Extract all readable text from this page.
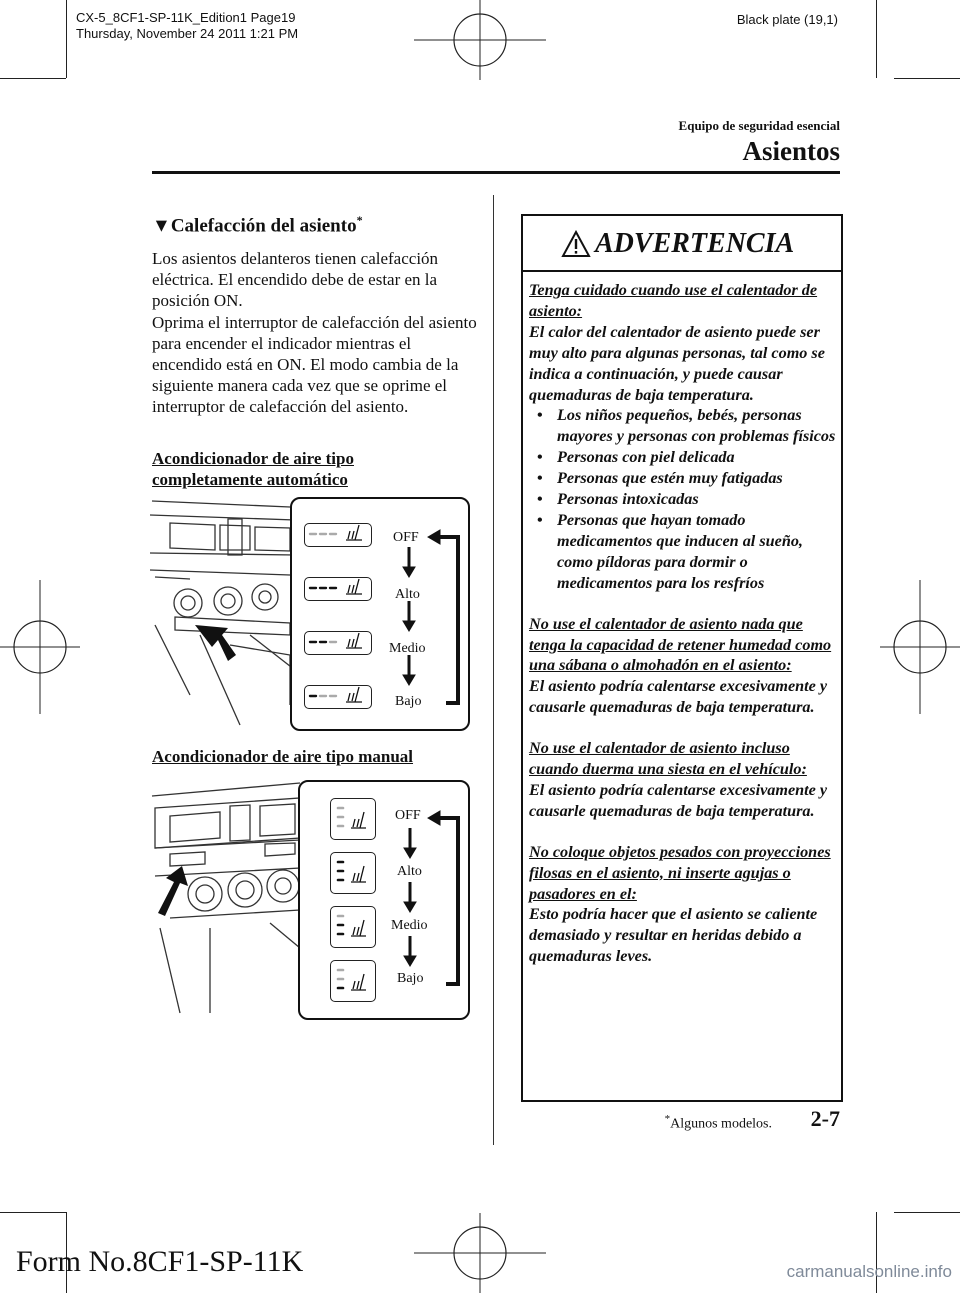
CX-5_8CF1-SP-11K_Edition1 Page19
Thursday, November 24 2011 1:21 PM
Black plate (19,1)
Equipo de seguridad esencial
Asientos
▼Calefacción del asiento*

Los asientos delanteros tienen calefacción eléctrica. El encendido debe de estar en la posición ON.

Oprima el interruptor de calefacción del asiento para encender el indicador mientras el encendido está en ON. El modo cambia de la siguiente manera cada vez que se oprime el interruptor de calefacción del asiento.

Acondicionador de aire tipo
completamente automático
OFF
Alto
Medio
Bajo
Acondicionador de aire tipo manual
OFF
Alto
Medio
Bajo
ADVERTENCIA

Tenga cuidado cuando use el calentador de asiento:

El calor del calentador de asiento puede ser muy alto para algunas personas, tal como se indica a continuación, y puede causar quemaduras de baja temperatura.

• Los niños pequeños, bebés, personas mayores y personas con problemas físicos
• Personas con piel delicada
• Personas que estén muy fatigadas
• Personas intoxicadas
• Personas que hayan tomado medicamentos que inducen al sueño, como píldoras para dormir o medicamentos para los resfríos

No use el calentador de asiento nada que tenga la capacidad de retener humedad como una sábana o almohadón en el asiento:

El asiento podría calentarse excesivamente y causarle quemaduras de baja temperatura.

No use el calentador de asiento incluso cuando duerma una siesta en el vehículo:

El asiento podría calentarse excesivamente y causarle quemaduras de baja temperatura.

No coloque objetos pesados con proyecciones filosas en el asiento, ni inserte agujas o pasadores en el:

Esto podría hacer que el asiento se caliente demasiado y resultar en heridas debido a quemaduras leves.

*Algunos modelos. 2-7
Form No.8CF1-SP-11K	carmanualsonline.info
